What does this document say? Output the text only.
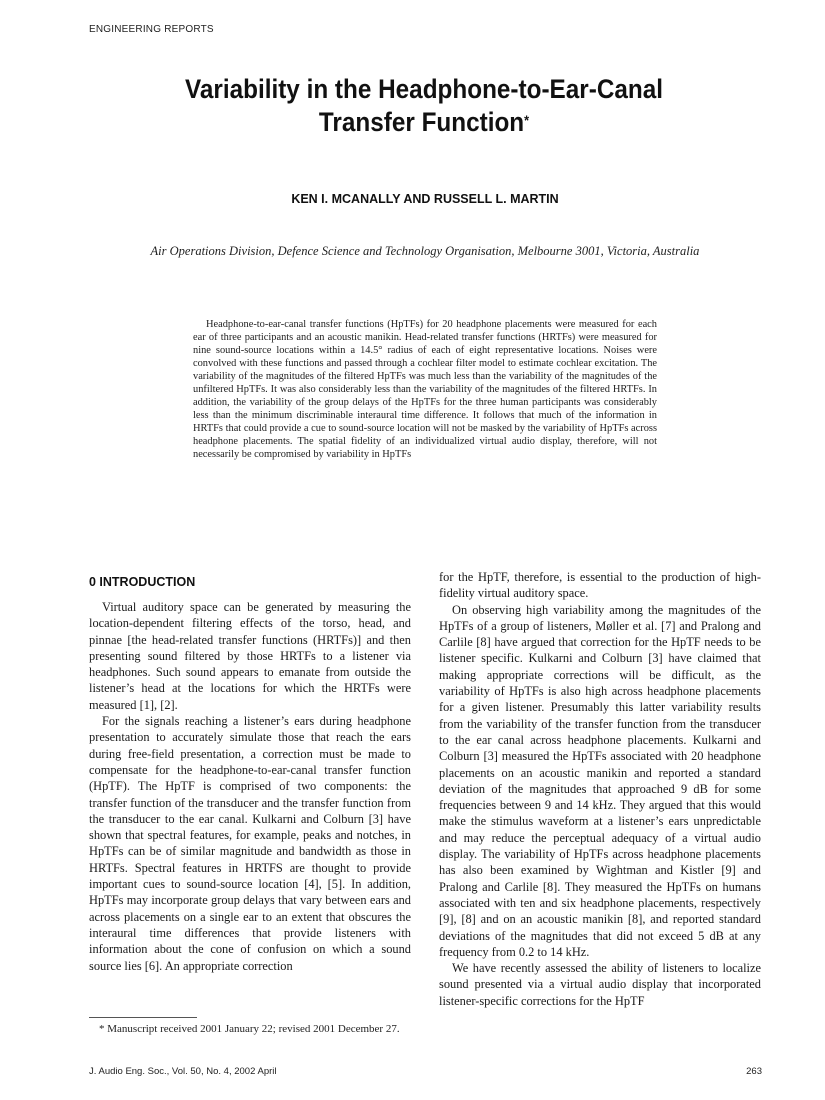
ENGINEERING REPORTS
Variability in the Headphone-to-Ear-Canal
Transfer Function*
KEN I. MCANALLY AND RUSSELL L. MARTIN
Air Operations Division, Defence Science and Technology Organisation, Melbourne 3001, Victoria, Australia

Headphone-to-ear-canal transfer functions (HpTFs) for 20 headphone placements were measured for each ear of three participants and an acoustic manikin. Head-related transfer functions (HRTFs) were measured for nine sound-source locations within a 14.5° radius of each of eight representative locations. Noises were convolved with these functions and passed through a cochlear filter model to estimate cochlear excitation. The variability of the magnitudes of the filtered HpTFs was much less than the variability of the magnitudes of the unfiltered HpTFs. It was also considerably less than the variability of the magnitudes of the filtered HRTFs. In addition, the variability of the group delays of the HpTFs for the three human participants was considerably less than the minimum discriminable interaural time difference. It follows that much of the information in HRTFs that could provide a cue to sound-source location will not be masked by the variability of HpTFs across headphone placements. The spatial fidelity of an individualized virtual audio display, therefore, will not necessarily be compromised by variability in HpTFs

0 INTRODUCTION

Virtual auditory space can be generated by measuring the location-dependent filtering effects of the torso, head, and pinnae [the head-related transfer functions (HRTFs)] and then presenting sound filtered by those HRTFs to a listener via headphones. Such sound appears to emanate from outside the listener’s head at the locations for which the HRTFs were measured [1], [2].

For the signals reaching a listener’s ears during headphone presentation to accurately simulate those that reach the ears during free-field presentation, a correction must be made to compensate for the headphone-to-ear-canal transfer function (HpTF). The HpTF is comprised of two components: the transfer function of the transducer and the transfer function from the transducer to the ear canal. Kulkarni and Colburn [3] have shown that spectral features, for example, peaks and notches, in HpTFs can be of similar magnitude and bandwidth as those in HRTFs. Spectral features in HRTFS are thought to provide important cues to sound-source location [4], [5]. In addition, HpTFs may incorporate group delays that vary between ears and across placements on a single ear to an extent that obscures the interaural time differences that provide listeners with information about the cone of confusion on which a sound source lies [6]. An appropriate correction

for the HpTF, therefore, is essential to the production of high-fidelity virtual auditory space.

On observing high variability among the magnitudes of the HpTFs of a group of listeners, Møller et al. [7] and Pralong and Carlile [8] have argued that correction for the HpTF needs to be listener specific. Kulkarni and Colburn [3] have claimed that making appropriate corrections will be difficult, as the variability of HpTFs is also high across headphone placements for a given listener. Presumably this latter variability results from the variability of the transfer function from the transducer to the ear canal across headphone placements. Kulkarni and Colburn [3] measured the HpTFs associated with 20 headphone placements on an acoustic manikin and reported a standard deviation of the magnitudes that approached 9 dB for some frequencies between 9 and 14 kHz. They argued that this would make the stimulus waveform at a listener’s ears unpredictable and may reduce the perceptual adequacy of a virtual audio display. The variability of HpTFs across headphone placements has also been examined by Wightman and Kistler [9] and Pralong and Carlile [8]. They measured the HpTFs on humans associated with ten and six headphone placements, respectively [9], [8] and on an acoustic manikin [8], and reported standard deviations of the magnitudes that did not exceed 5 dB at any frequency from 0.2 to 14 kHz.

We have recently assessed the ability of listeners to localize sound presented via a virtual audio display that incorporated listener-specific corrections for the HpTF

* Manuscript received 2001 January 22; revised 2001 December 27.

J. Audio Eng. Soc., Vol. 50, No. 4, 2002 April	263
